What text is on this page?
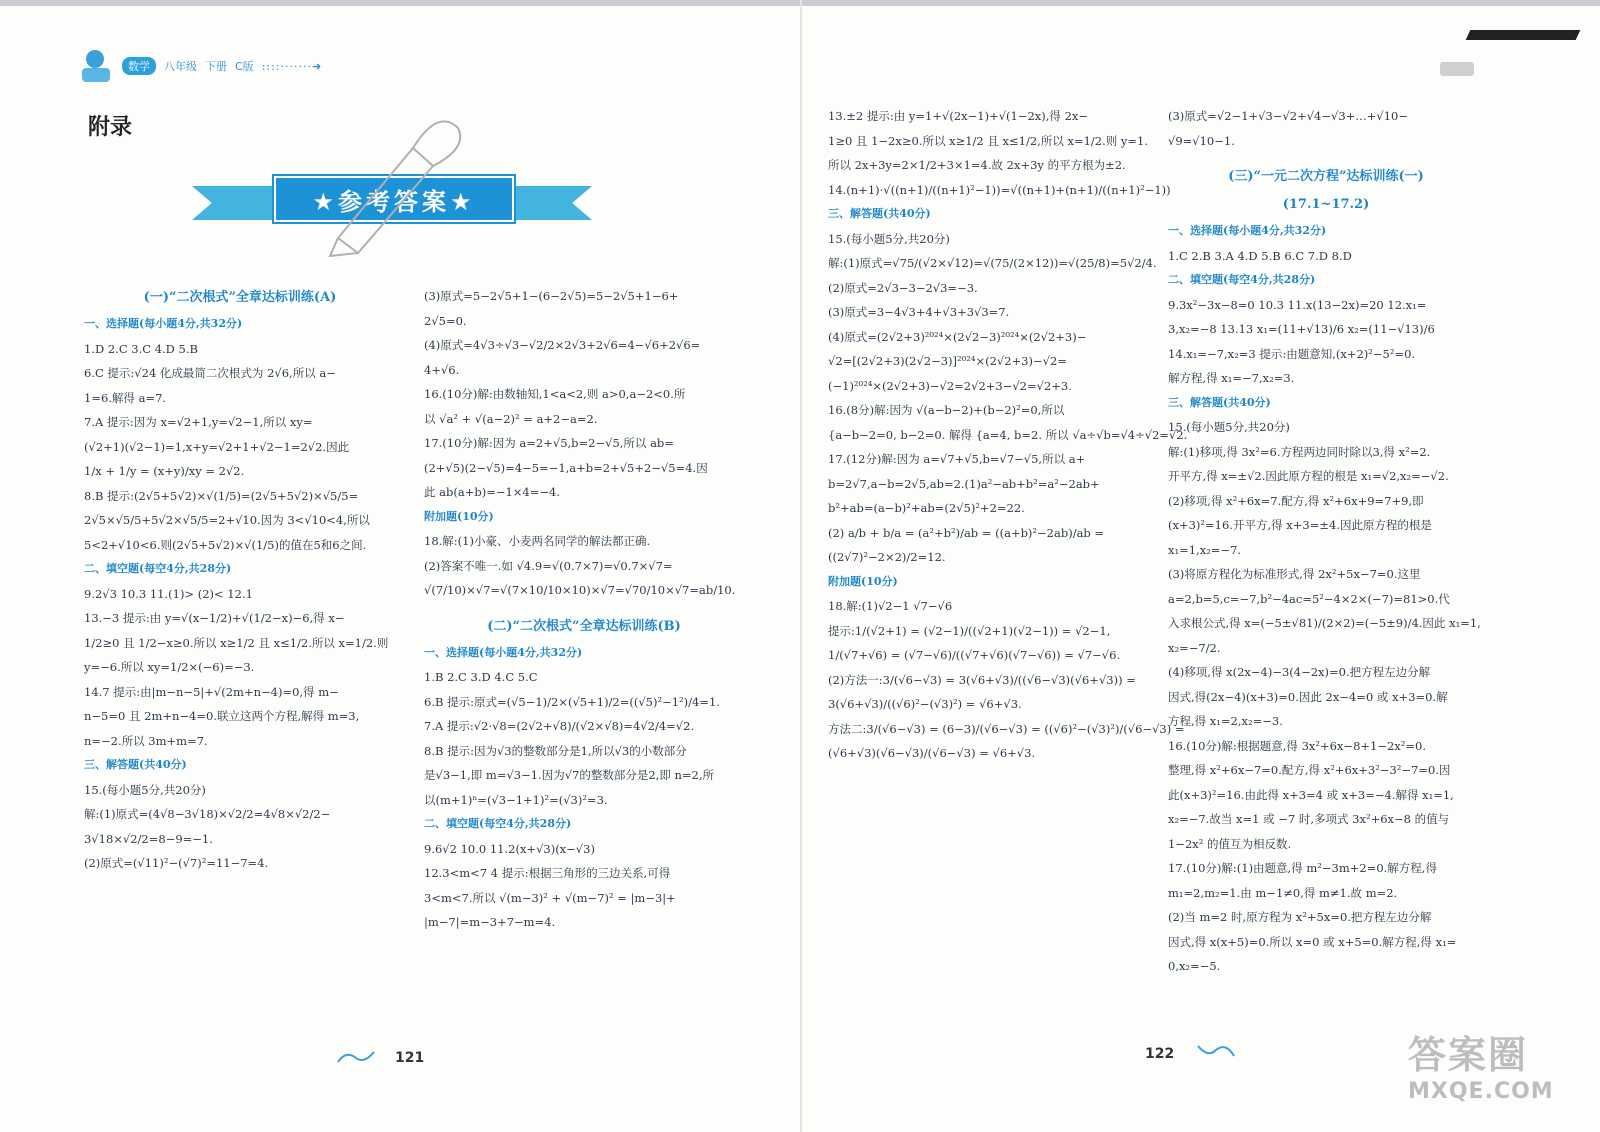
数学	八年级 下册 C版 ::::·······➜
附录
★参考答案★

(一)“二次根式”全章达标训练(A)

一、选择题(每小题4分,共32分)

1.D 2.C 3.C 4.D 5.B

6.C 提示:√24 化成最简二次根式为 2√6,所以 a−

1=6.解得 a=7.

7.A 提示:因为 x=√2+1,y=√2−1,所以 xy=

(√2+1)(√2−1)=1,x+y=√2+1+√2−1=2√2.因此

1/x + 1/y = (x+y)/xy = 2√2.

8.B 提示:(2√5+5√2)×√(1/5)=(2√5+5√2)×√5/5=

2√5×√5/5+5√2×√5/5=2+√10.因为 3<√10<4,所以

5<2+√10<6.则(2√5+5√2)×√(1/5)的值在5和6之间.

二、填空题(每空4分,共28分)

9.2√3 10.3 11.(1)> (2)< 12.1

13.−3 提示:由 y=√(x−1/2)+√(1/2−x)−6,得 x−

1/2≥0 且 1/2−x≥0.所以 x≥1/2 且 x≤1/2.所以 x=1/2.则

y=−6.所以 xy=1/2×(−6)=−3.

14.7 提示:由|m−n−5|+√(2m+n−4)=0,得 m−

n−5=0 且 2m+n−4=0.联立这两个方程,解得 m=3,

n=−2.所以 3m+m=7.

三、解答题(共40分)

15.(每小题5分,共20分)

解:(1)原式=(4√8−3√18)×√2/2=4√8×√2/2−

3√18×√2/2=8−9=−1.

(2)原式=(√11)²−(√7)²=11−7=4.

(3)原式=5−2√5+1−(6−2√5)=5−2√5+1−6+

2√5=0.

(4)原式=4√3÷√3−√2/2×2√3+2√6=4−√6+2√6=

4+√6.

16.(10分)解:由数轴知,1<a<2,则 a>0,a−2<0.所

以 √a² + √(a−2)² = a+2−a=2.

17.(10分)解:因为 a=2+√5,b=2−√5,所以 ab=

(2+√5)(2−√5)=4−5=−1,a+b=2+√5+2−√5=4.因

此 ab(a+b)=−1×4=−4.

附加题(10分)

18.解:(1)小豪、小麦两名同学的解法都正确.

(2)答案不唯一.如 √4.9=√(0.7×7)=√0.7×√7=

√(7/10)×√7=√(7×10/10×10)×√7=√70/10×√7=ab/10.

(二)“二次根式”全章达标训练(B)

一、选择题(每小题4分,共32分)

1.B 2.C 3.D 4.C 5.C

6.B 提示:原式=(√5−1)/2×(√5+1)/2=((√5)²−1²)/4=1.

7.A 提示:√2·√8=(2√2+√8)/(√2×√8)=4√2/4=√2.

8.B 提示:因为√3的整数部分是1,所以√3的小数部分

是√3−1,即 m=√3−1.因为√7的整数部分是2,即 n=2,所

以(m+1)ⁿ=(√3−1+1)²=(√3)²=3.

二、填空题(每空4分,共28分)

9.6√2 10.0 11.2(x+√3)(x−√3)

12.3<m<7 4 提示:根据三角形的三边关系,可得

3<m<7.所以 √(m−3)² + √(m−7)² = |m−3|+

|m−7|=m−3+7−m=4.

13.±2 提示:由 y=1+√(2x−1)+√(1−2x),得 2x−

1≥0 且 1−2x≥0.所以 x≥1/2 且 x≤1/2,所以 x=1/2.则 y=1.

所以 2x+3y=2×1/2+3×1=4.故 2x+3y 的平方根为±2.

14.(n+1)·√((n+1)/((n+1)²−1))=√((n+1)+(n+1)/((n+1)²−1))

三、解答题(共40分)

15.(每小题5分,共20分)

解:(1)原式=√75/(√2×√12)=√(75/(2×12))=√(25/8)=5√2/4.

(2)原式=2√3−3−2√3=−3.

(3)原式=3−4√3+4+√3+3√3=7.

(4)原式=(2√2+3)²⁰²⁴×(2√2−3)²⁰²⁴×(2√2+3)−

√2=[(2√2+3)(2√2−3)]²⁰²⁴×(2√2+3)−√2=

(−1)²⁰²⁴×(2√2+3)−√2=2√2+3−√2=√2+3.

16.(8分)解:因为 √(a−b−2)+(b−2)²=0,所以

{a−b−2=0, b−2=0. 解得 {a=4, b=2. 所以 √a÷√b=√4÷√2=√2.

17.(12分)解:因为 a=√7+√5,b=√7−√5,所以 a+

b=2√7,a−b=2√5,ab=2.(1)a²−ab+b²=a²−2ab+

b²+ab=(a−b)²+ab=(2√5)²+2=22.

(2) a/b + b/a = (a²+b²)/ab = ((a+b)²−2ab)/ab =

((2√7)²−2×2)/2=12.

附加题(10分)

18.解:(1)√2−1 √7−√6

提示:1/(√2+1) = (√2−1)/((√2+1)(√2−1)) = √2−1,

1/(√7+√6) = (√7−√6)/((√7+√6)(√7−√6)) = √7−√6.

(2)方法一:3/(√6−√3) = 3(√6+√3)/((√6−√3)(√6+√3)) =

3(√6+√3)/((√6)²−(√3)²) = √6+√3.

方法二:3/(√6−√3) = (6−3)/(√6−√3) = ((√6)²−(√3)²)/(√6−√3) =

(√6+√3)(√6−√3)/(√6−√3) = √6+√3.

(3)原式=√2−1+√3−√2+√4−√3+…+√10−

√9=√10−1.

(三)“一元二次方程”达标训练(一)

(17.1~17.2)

一、选择题(每小题4分,共32分)

1.C 2.B 3.A 4.D 5.B 6.C 7.D 8.D

二、填空题(每空4分,共28分)

9.3x²−3x−8=0 10.3 11.x(13−2x)=20 12.x₁=

3,x₂=−8 13.13 x₁=(11+√13)/6 x₂=(11−√13)/6

14.x₁=−7,x₂=3 提示:由题意知,(x+2)²−5²=0.

解方程,得 x₁=−7,x₂=3.

三、解答题(共40分)

15.(每小题5分,共20分)

解:(1)移项,得 3x²=6.方程两边同时除以3,得 x²=2.

开平方,得 x=±√2.因此原方程的根是 x₁=√2,x₂=−√2.

(2)移项,得 x²+6x=7.配方,得 x²+6x+9=7+9,即

(x+3)²=16.开平方,得 x+3=±4.因此原方程的根是

x₁=1,x₂=−7.

(3)将原方程化为标准形式,得 2x²+5x−7=0.这里

a=2,b=5,c=−7,b²−4ac=5²−4×2×(−7)=81>0.代

入求根公式,得 x=(−5±√81)/(2×2)=(−5±9)/4.因此 x₁=1,

x₂=−7/2.

(4)移项,得 x(2x−4)−3(4−2x)=0.把方程左边分解

因式,得(2x−4)(x+3)=0.因此 2x−4=0 或 x+3=0.解

方程,得 x₁=2,x₂=−3.

16.(10分)解:根据题意,得 3x²+6x−8+1−2x²=0.

整理,得 x²+6x−7=0.配方,得 x²+6x+3²−3²−7=0.因

此(x+3)²=16.由此得 x+3=4 或 x+3=−4.解得 x₁=1,

x₂=−7.故当 x=1 或 −7 时,多项式 3x²+6x−8 的值与

1−2x² 的值互为相反数.

17.(10分)解:(1)由题意,得 m²−3m+2=0.解方程,得

m₁=2,m₂=1.由 m−1≠0,得 m≠1.故 m=2.

(2)当 m=2 时,原方程为 x²+5x=0.把方程左边分解

因式,得 x(x+5)=0.所以 x=0 或 x+5=0.解方程,得 x₁=

0,x₂=−5.

121	122	答案圈
MXQE.COM
